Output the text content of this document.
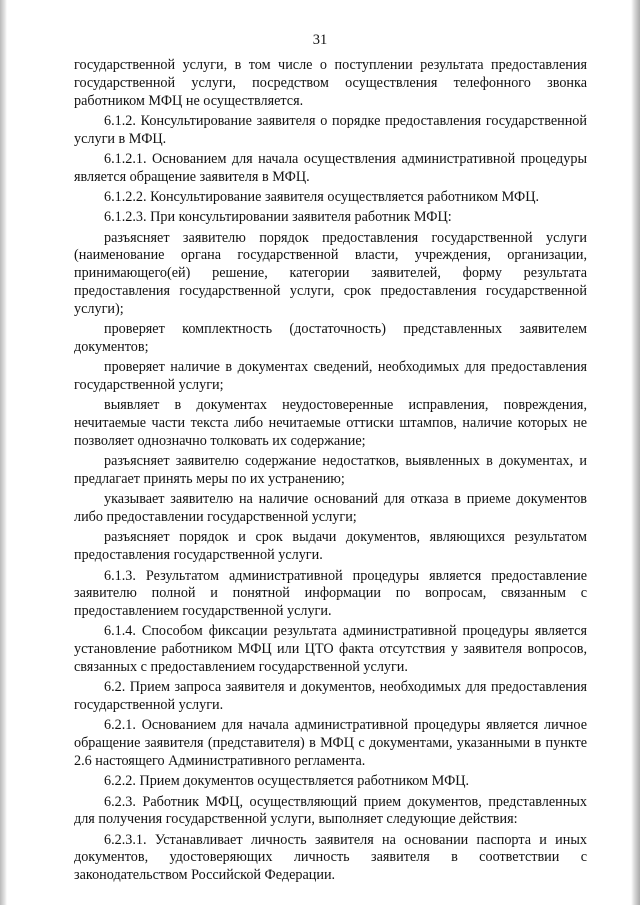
31

государственной услуги, в том числе о поступлении результата предоставления государственной услуги, посредством осуществления телефонного звонка работником МФЦ не осуществляется.

6.1.2. Консультирование заявителя о порядке предоставления государственной услуги в МФЦ.

6.1.2.1. Основанием для начала осуществления административной процедуры является обращение заявителя в МФЦ.

6.1.2.2. Консультирование заявителя осуществляется работником МФЦ.

6.1.2.3. При консультировании заявителя работник МФЦ:

разъясняет заявителю порядок предоставления государственной услуги (наименование органа государственной власти, учреждения, организации, принимающего(ей) решение, категории заявителей, форму результата предоставления государственной услуги, срок предоставления государственной услуги);

проверяет комплектность (достаточность) представленных заявителем документов;

проверяет наличие в документах сведений, необходимых для предоставления государственной услуги;

выявляет в документах неудостоверенные исправления, повреждения, нечитаемые части текста либо нечитаемые оттиски штампов, наличие которых не позволяет однозначно толковать их содержание;

разъясняет заявителю содержание недостатков, выявленных в документах, и предлагает принять меры по их устранению;

указывает заявителю на наличие оснований для отказа в приеме документов либо предоставлении государственной услуги;

разъясняет порядок и срок выдачи документов, являющихся результатом предоставления государственной услуги.

6.1.3. Результатом административной процедуры является предоставление заявителю полной и понятной информации по вопросам, связанным с предоставлением государственной услуги.

6.1.4. Способом фиксации результата административной процедуры является установление работником МФЦ или ЦТО факта отсутствия у заявителя вопросов, связанных с предоставлением государственной услуги.

6.2. Прием запроса заявителя и документов, необходимых для предоставления государственной услуги.

6.2.1. Основанием для начала административной процедуры является личное обращение заявителя (представителя) в МФЦ с документами, указанными в пункте 2.6 настоящего Административного регламента.

6.2.2. Прием документов осуществляется работником МФЦ.

6.2.3. Работник МФЦ, осуществляющий прием документов, представленных для получения государственной услуги, выполняет следующие действия:

6.2.3.1. Устанавливает личность заявителя на основании паспорта и иных документов, удостоверяющих личность заявителя в соответствии с законодательством Российской Федерации.
